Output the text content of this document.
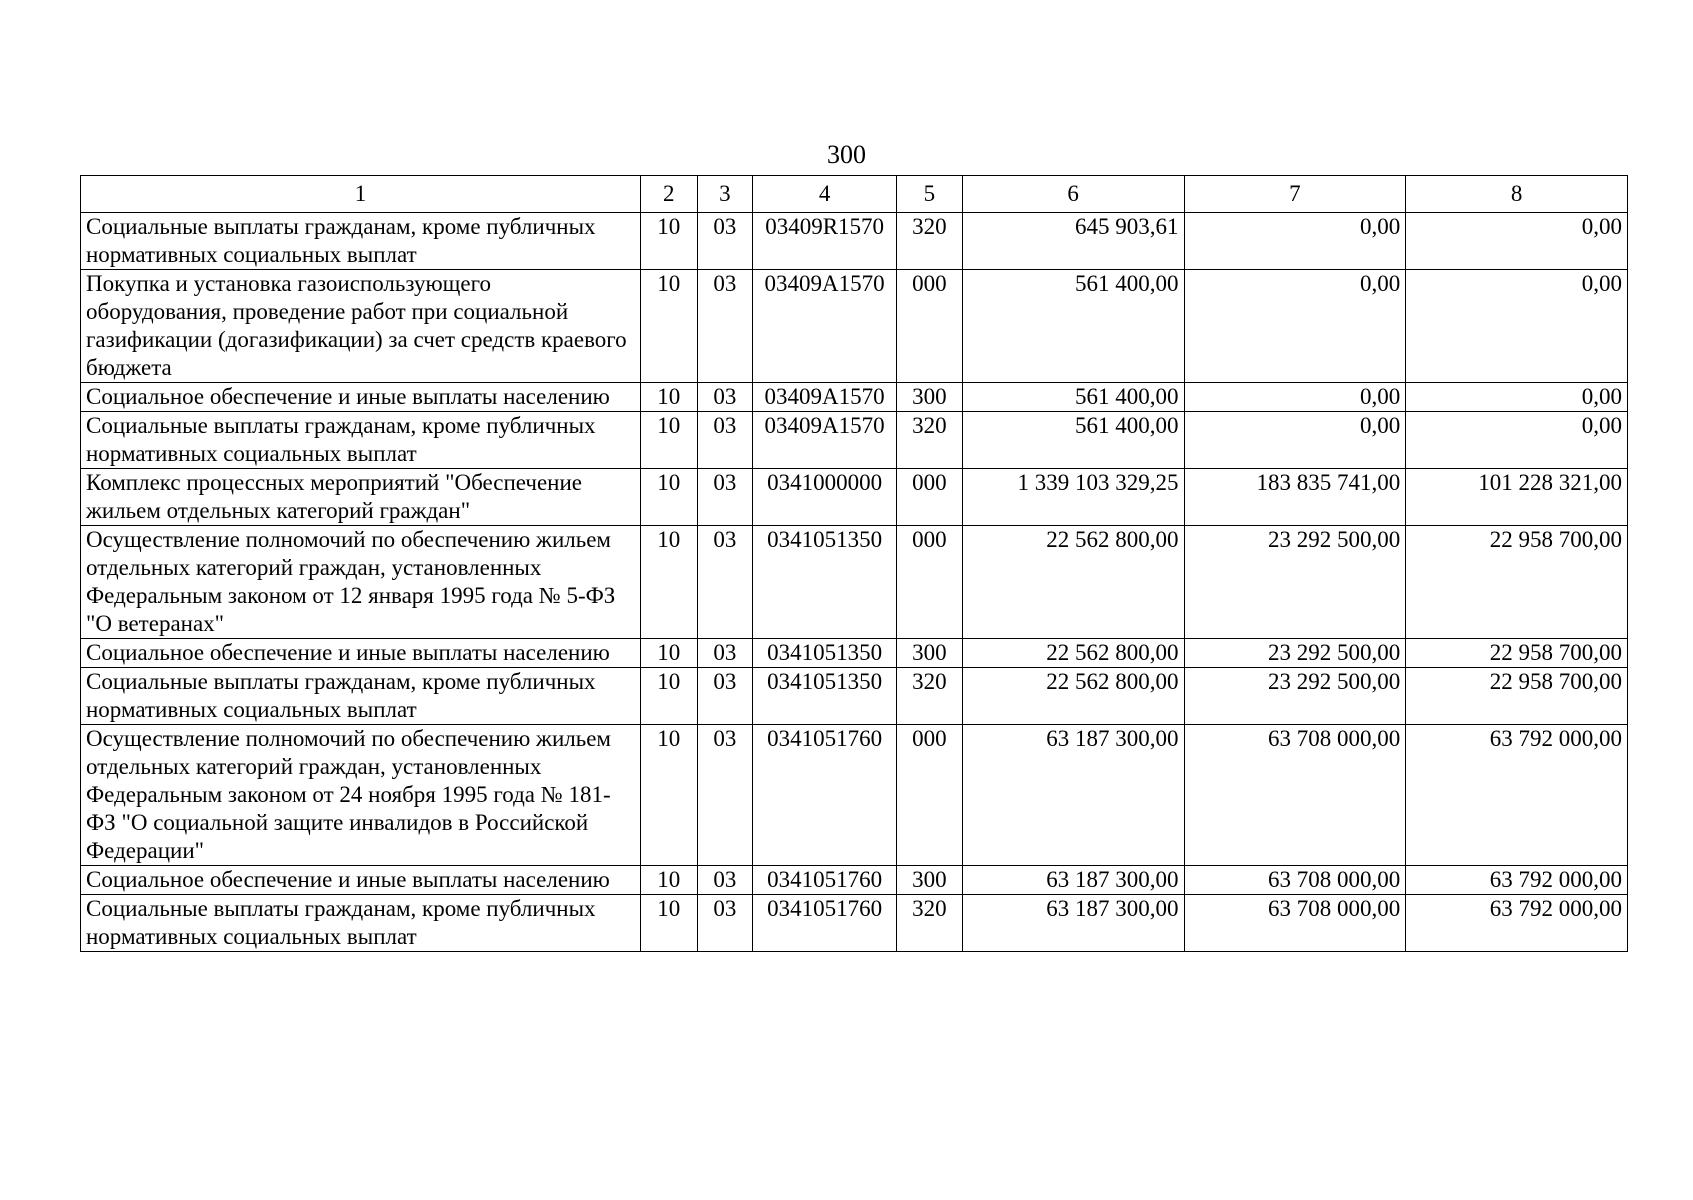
300
1	2	3	4	5	6	7	8
Социальные выплаты гражданам, кроме публичных нормативных социальных выплат	10	03	03409R1570	320	645 903,61	0,00	0,00
Покупка и установка газоиспользующего оборудования, проведение работ при социальной газификации (догазификации) за счет средств краевого бюджета	10	03	03409A1570	000	561 400,00	0,00	0,00
Социальное обеспечение и иные выплаты населению	10	03	03409A1570	300	561 400,00	0,00	0,00
Социальные выплаты гражданам, кроме публичных нормативных социальных выплат	10	03	03409A1570	320	561 400,00	0,00	0,00
Комплекс процессных мероприятий "Обеспечение жильем отдельных категорий граждан"	10	03	0341000000	000	1 339 103 329,25	183 835 741,00	101 228 321,00
Осуществление полномочий по обеспечению жильем отдельных категорий граждан, установленных Федеральным законом от 12 января 1995 года № 5-ФЗ "О ветеранах"	10	03	0341051350	000	22 562 800,00	23 292 500,00	22 958 700,00
Социальное обеспечение и иные выплаты населению	10	03	0341051350	300	22 562 800,00	23 292 500,00	22 958 700,00
Социальные выплаты гражданам, кроме публичных нормативных социальных выплат	10	03	0341051350	320	22 562 800,00	23 292 500,00	22 958 700,00
Осуществление полномочий по обеспечению жильем отдельных категорий граждан, установленных Федеральным законом от 24 ноября 1995 года № 181-ФЗ "О социальной защите инвалидов в Российской Федерации"	10	03	0341051760	000	63 187 300,00	63 708 000,00	63 792 000,00
Социальное обеспечение и иные выплаты населению	10	03	0341051760	300	63 187 300,00	63 708 000,00	63 792 000,00
Социальные выплаты гражданам, кроме публичных нормативных социальных выплат	10	03	0341051760	320	63 187 300,00	63 708 000,00	63 792 000,00
